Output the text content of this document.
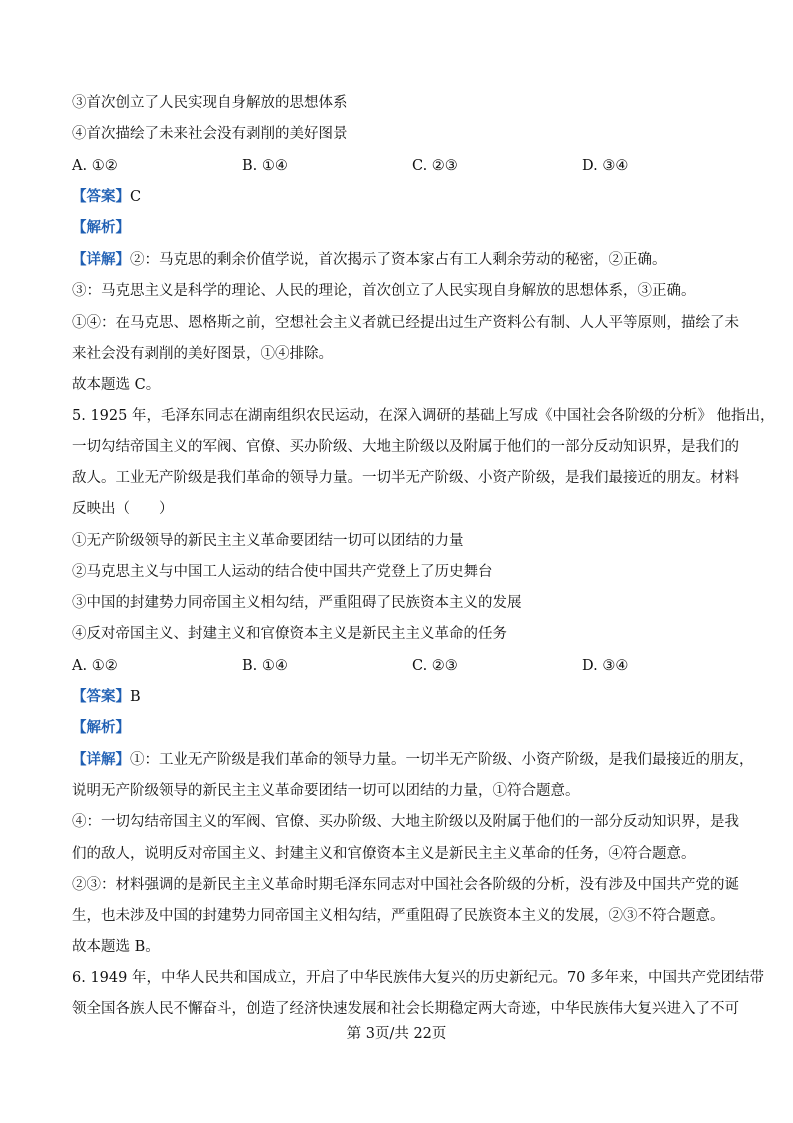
③首次创立了人民实现自身解放的思想体系
④首次描绘了未来社会没有剥削的美好图景
A. ①②	B. ①④	C. ②③	D. ③④
【答案】C
【解析】
【详解】②：马克思的剩余价值学说，首次揭示了资本家占有工人剩余劳动的秘密，②正确。
③：马克思主义是科学的理论、人民的理论，首次创立了人民实现自身解放的思想体系，③正确。
①④：在马克思、恩格斯之前，空想社会主义者就已经提出过生产资料公有制、人人平等原则，描绘了未
来社会没有剥削的美好图景，①④排除。
故本题选 C。
5. 1925 年，毛泽东同志在湖南组织农民运动，在深入调研的基础上写成《中国社会各阶级的分析》 他指出，
一切勾结帝国主义的军阀、官僚、买办阶级、大地主阶级以及附属于他们的一部分反动知识界，是我们的
敌人。工业无产阶级是我们革命的领导力量。一切半无产阶级、小资产阶级，是我们最接近的朋友。材料
反映出（　　）
①无产阶级领导的新民主主义革命要团结一切可以团结的力量
②马克思主义与中国工人运动的结合使中国共产党登上了历史舞台
③中国的封建势力同帝国主义相勾结，严重阻碍了民族资本主义的发展
④反对帝国主义、封建主义和官僚资本主义是新民主主义革命的任务
A. ①②	B. ①④	C. ②③	D. ③④
【答案】B
【解析】
【详解】①：工业无产阶级是我们革命的领导力量。一切半无产阶级、小资产阶级，是我们最接近的朋友，
说明无产阶级领导的新民主主义革命要团结一切可以团结的力量，①符合题意。
④：一切勾结帝国主义的军阀、官僚、买办阶级、大地主阶级以及附属于他们的一部分反动知识界，是我
们的敌人，说明反对帝国主义、封建主义和官僚资本主义是新民主主义革命的任务，④符合题意。
②③：材料强调的是新民主主义革命时期毛泽东同志对中国社会各阶级的分析，没有涉及中国共产党的诞
生，也未涉及中国的封建势力同帝国主义相勾结，严重阻碍了民族资本主义的发展，②③不符合题意。
故本题选 B。
6. 1949 年，中华人民共和国成立，开启了中华民族伟大复兴的历史新纪元。70 多年来，中国共产党团结带
领全国各族人民不懈奋斗，创造了经济快速发展和社会长期稳定两大奇迹，中华民族伟大复兴进入了不可
第 3页/共 22页
